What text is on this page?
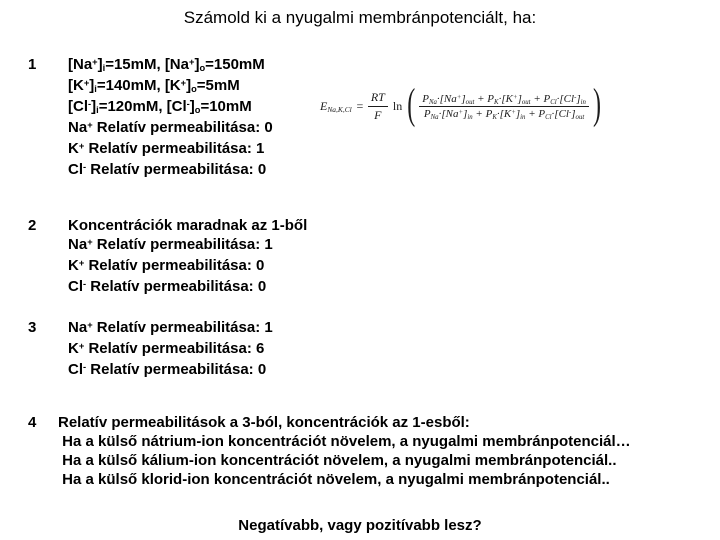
Számold ki a nyugalmi membránpotenciált, ha:
1 [Na+]i=15mM, [Na+]o=150mM
[K+]i=140mM, [K+]o=5mM
[Cl-]i=120mM, [Cl-]o=10mM
Na+ Relatív permeabilitása: 0
K+ Relatív permeabilitása: 1
Cl- Relatív permeabilitása: 0
$ENa,K,Cl = \frac{RT}{F}$ ln ( $\frac{PNa\cdot[Na^+]out + PK\cdot[K^+]out + PCl\cdot[Cl^-]in}{PNa\cdot[Na^+]in + PK\cdot[K^+]in + PCl\cdot[Cl^-]out}$ )
2 Koncentrációk maradnak az 1-ből
Na+ Relatív permeabilitása: 1
K+ Relatív permeabilitása: 0
Cl- Relatív permeabilitása: 0
3 Na+ Relatív permeabilitása: 1
K+ Relatív permeabilitása: 6
Cl- Relatív permeabilitása: 0
4 Relatív permeabilitások a 3-ból, koncentrációk az 1-esből:
Ha a külső nátrium-ion koncentrációt növelem, a nyugalmi membránpotenciál…
Ha a külső kálium-ion koncentrációt növelem, a nyugalmi membránpotenciál..
Ha a külső klorid-ion koncentrációt növelem, a nyugalmi membránpotenciál..
Negatívabb, vagy pozitívabb lesz?
